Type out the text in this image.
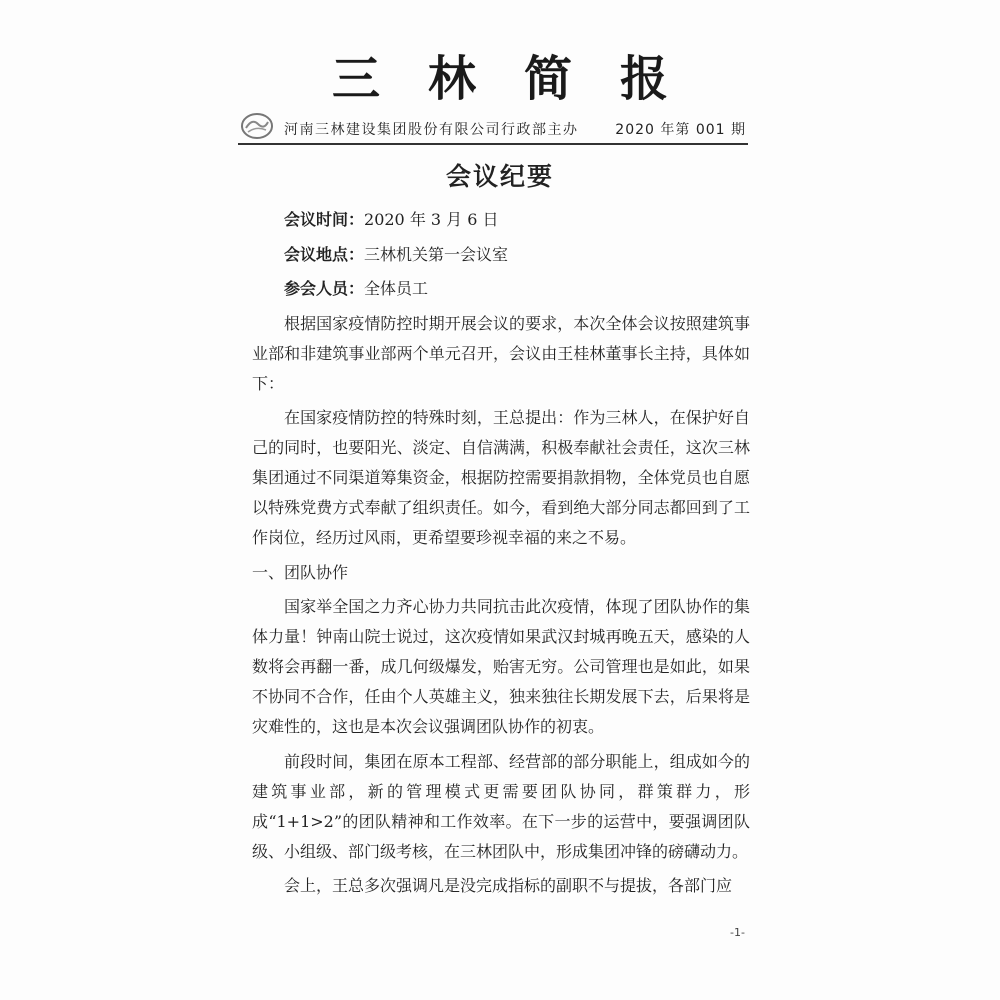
三林简报
河南三林建设集团股份有限公司行政部主办	2020 年第 001 期
会议纪要
会议时间：2020 年 3 月 6 日
会议地点：三林机关第一会议室
参会人员：全体员工

根据国家疫情防控时期开展会议的要求，本次全体会议按照建筑事业部和非建筑事业部两个单元召开，会议由王桂林董事长主持，具体如下：

在国家疫情防控的特殊时刻，王总提出：作为三林人，在保护好自己的同时，也要阳光、淡定、自信满满，积极奉献社会责任，这次三林集团通过不同渠道筹集资金，根据防控需要捐款捐物，全体党员也自愿以特殊党费方式奉献了组织责任。如今，看到绝大部分同志都回到了工作岗位，经历过风雨，更希望要珍视幸福的来之不易。

一、团队协作

国家举全国之力齐心协力共同抗击此次疫情，体现了团队协作的集体力量！钟南山院士说过，这次疫情如果武汉封城再晚五天，感染的人数将会再翻一番，成几何级爆发，贻害无穷。公司管理也是如此，如果不协同不合作，任由个人英雄主义，独来独往长期发展下去，后果将是灾难性的，这也是本次会议强调团队协作的初衷。

前段时间，集团在原本工程部、经营部的部分职能上，组成如今的建筑事业部，新的管理模式更需要团队协同，群策群力，形成“1+1>2”的团队精神和工作效率。在下一步的运营中，要强调团队级、小组级、部门级考核，在三林团队中，形成集团冲锋的磅礴动力。

会上，王总多次强调凡是没完成指标的副职不与提拔，各部门应

-1-
